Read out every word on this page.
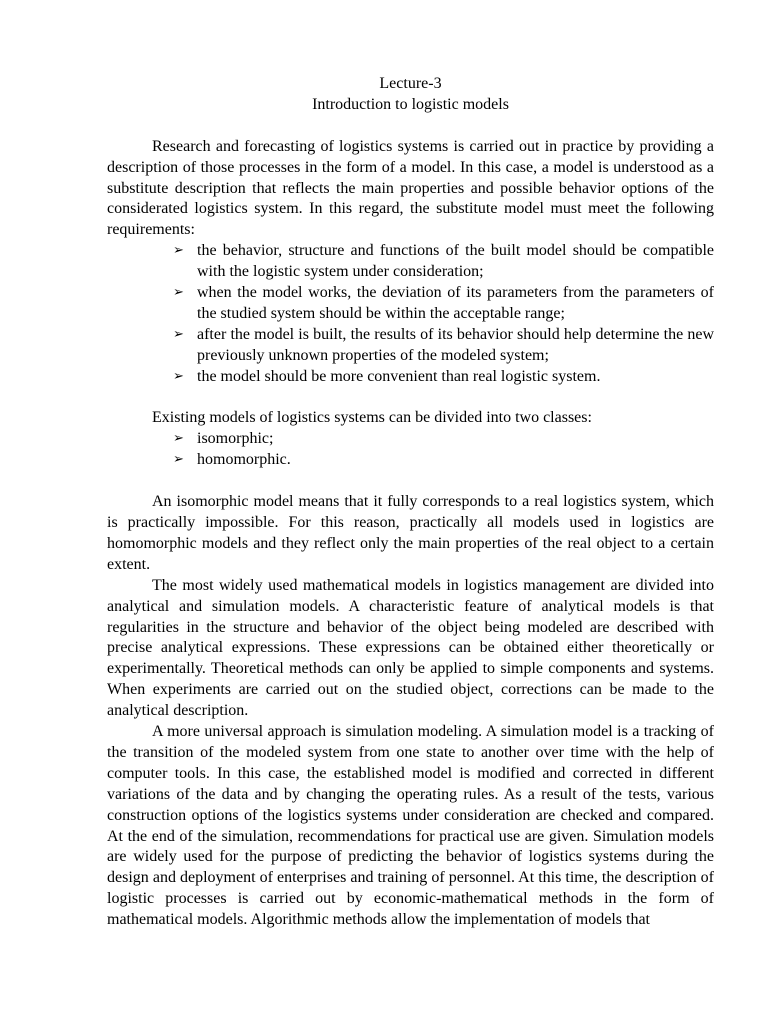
Lecture-3

Introduction to logistic models

Research and forecasting of logistics systems is carried out in practice by providing a description of those processes in the form of a model. In this case, a model is understood as a substitute description that reflects the main properties and possible behavior options of the considerated logistics system. In this regard, the substitute model must meet the following requirements:

➢ the behavior, structure and functions of the built model should be compatible with the logistic system under consideration;
➢ when the model works, the deviation of its parameters from the parameters of the studied system should be within the acceptable range;
➢ after the model is built, the results of its behavior should help determine the new previously unknown properties of the modeled system;
➢ the model should be more convenient than real logistic system.

Existing models of logistics systems can be divided into two classes:

➢ isomorphic;
➢ homomorphic.

An isomorphic model means that it fully corresponds to a real logistics system, which is practically impossible. For this reason, practically all models used in logistics are homomorphic models and they reflect only the main properties of the real object to a certain extent.

The most widely used mathematical models in logistics management are divided into analytical and simulation models. A characteristic feature of analytical models is that regularities in the structure and behavior of the object being modeled are described with precise analytical expressions. These expressions can be obtained either theoretically or experimentally. Theoretical methods can only be applied to simple components and systems. When experiments are carried out on the studied object, corrections can be made to the analytical description.

A more universal approach is simulation modeling. A simulation model is a tracking of the transition of the modeled system from one state to another over time with the help of computer tools. In this case, the established model is modified and corrected in different variations of the data and by changing the operating rules. As a result of the tests, various construction options of the logistics systems under consideration are checked and compared. At the end of the simulation, recommendations for practical use are given. Simulation models are widely used for the purpose of predicting the behavior of logistics systems during the design and deployment of enterprises and training of personnel. At this time, the description of logistic processes is carried out by economic-mathematical methods in the form of mathematical models. Algorithmic methods allow the implementation of models that
